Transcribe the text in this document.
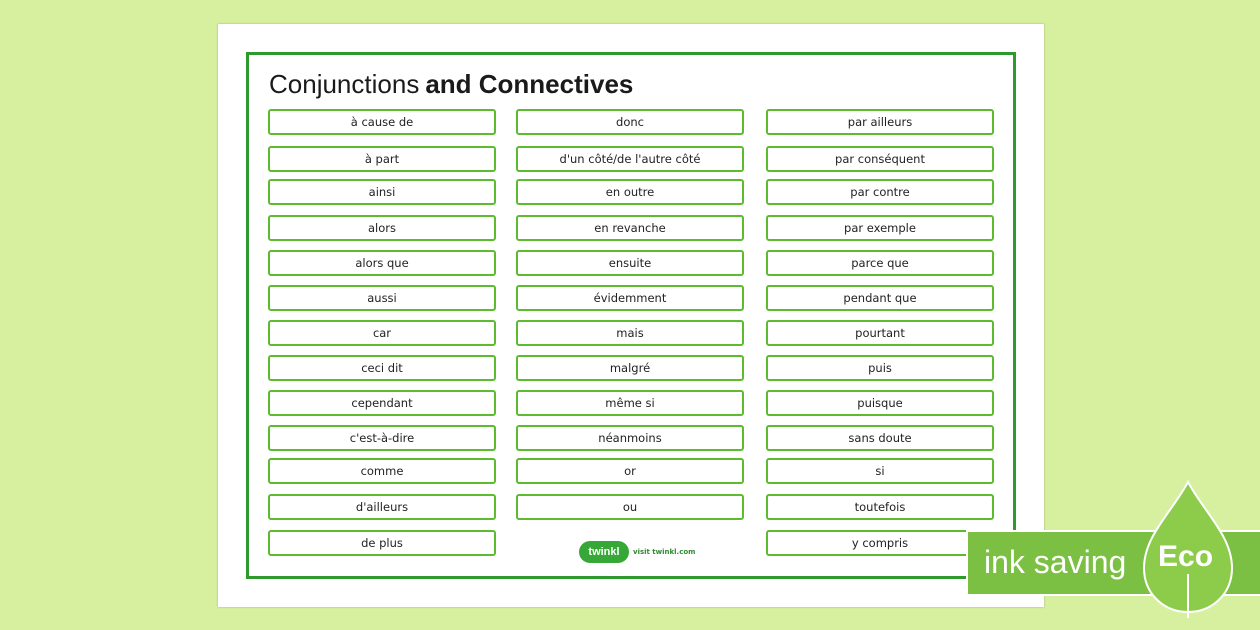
Conjunctions and Connectives
à cause de
à part
ainsi
alors
alors que
aussi
car
ceci dit
cependant
c'est-à-dire
comme
d'ailleurs
de plus
donc
d'un côté/de l'autre côté
en outre
en revanche
ensuite
évidemment
mais
malgré
même si
néanmoins
or
ou
par ailleurs
par conséquent
par contre
par exemple
parce que
pendant que
pourtant
puis
puisque
sans doute
si
toutefois
y compris
twinkl	visit twinkl.com	ink saving Eco
